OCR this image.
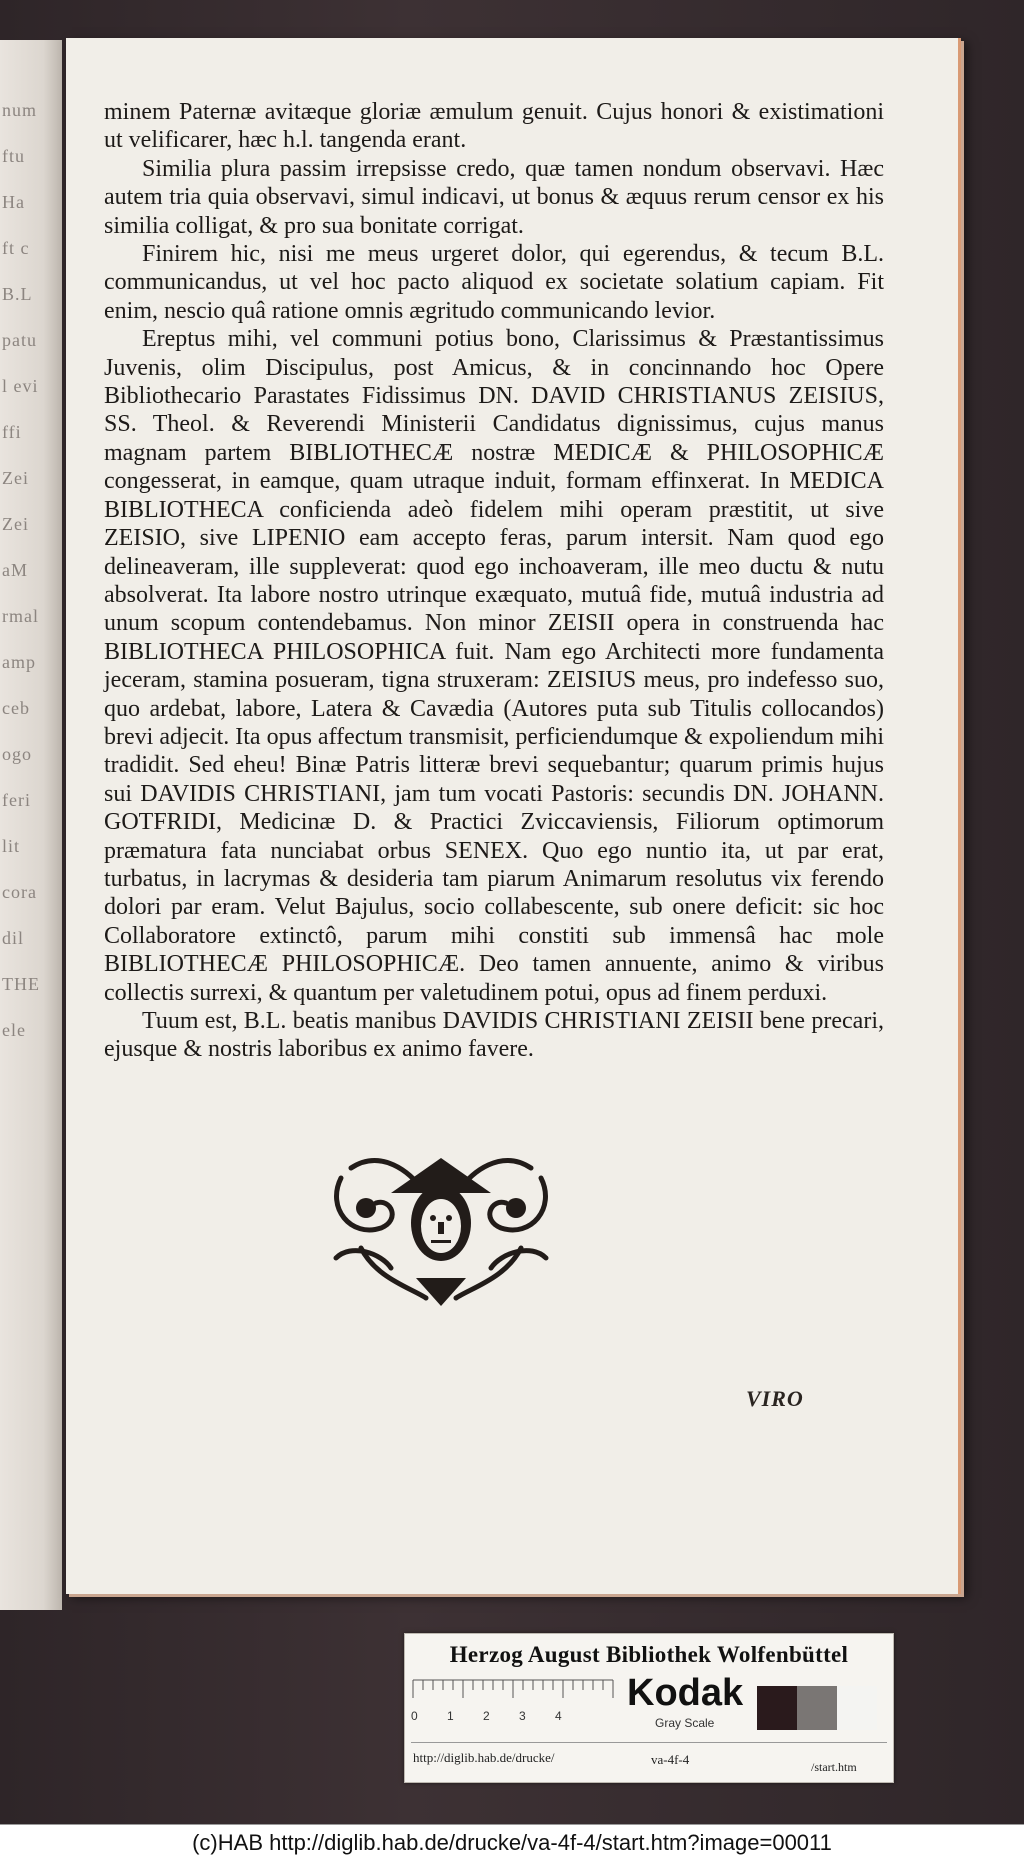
num
ftu
Ha
ft c
B.L
patu
l evi
ffi
Zei
Zei
aM
rmal
amp
ceb
ogo
feri
lit
cora
dil
THE
ele

minem Paternæ avitæque gloriæ æmulum genuit. Cujus honori & existimationi ut velificarer, hæc h.l. tangenda erant.

Similia plura passim irrepsisse credo, quæ tamen nondum observavi. Hæc autem tria quia observavi, simul indicavi, ut bonus & æquus rerum censor ex his similia colligat, & pro sua bonitate corrigat.

Finirem hic, nisi me meus urgeret dolor, qui egerendus, & tecum B.L. communicandus, ut vel hoc pacto aliquod ex societate solatium capiam. Fit enim, nescio quâ ratione omnis ægritudo communicando levior.

Ereptus mihi, vel communi potius bono, Clarissimus & Præstantissimus Juvenis, olim Discipulus, post Amicus, & in concinnando hoc Opere Bibliothecario Parastates Fidissimus DN. DAVID CHRISTIANUS ZEISIUS, SS. Theol. & Reverendi Ministerii Candidatus dignissimus, cujus manus magnam partem BIBLIOTHECÆ nostræ MEDICÆ & PHILOSOPHICÆ congesserat, in eamque, quam utraque induit, formam effinxerat. In MEDICA BIBLIOTHECA conficienda adeò fidelem mihi operam præstitit, ut sive ZEISIO, sive LIPENIO eam accepto feras, parum intersit. Nam quod ego delineaveram, ille suppleverat: quod ego inchoaveram, ille meo ductu & nutu absolverat. Ita labore nostro utrinque exæquato, mutuâ fide, mutuâ industria ad unum scopum contendebamus. Non minor ZEISII opera in construenda hac BIBLIOTHECA PHILOSOPHICA fuit. Nam ego Architecti more fundamenta jeceram, stamina posueram, tigna struxeram: ZEISIUS meus, pro indefesso suo, quo ardebat, labore, Latera & Cavædia (Autores puta sub Titulis collocandos) brevi adjecit. Ita opus affectum transmisit, perficiendumque & expoliendum mihi tradidit. Sed eheu! Binæ Patris litteræ brevi sequebantur; quarum primis hujus sui DAVIDIS CHRISTIANI, jam tum vocati Pastoris: secundis DN. JOHANN. GOTFRIDI, Medicinæ D. & Practici Zviccaviensis, Filiorum optimorum præmatura fata nunciabat orbus SENEX. Quo ego nuntio ita, ut par erat, turbatus, in lacrymas & desideria tam piarum Animarum resolutus vix ferendo dolori par eram. Velut Bajulus, socio collabescente, sub onere deficit: sic hoc Collaboratore extinctô, parum mihi constiti sub immensâ hac mole BIBLIOTHECÆ PHILOSOPHICÆ. Deo tamen annuente, animo & viribus collectis surrexi, & quantum per valetudinem potui, opus ad finem perduxi.

Tuum est, B.L. beatis manibus DAVIDIS CHRISTIANI ZEISII bene precari, ejusque & nostris laboribus ex animo favere.

VIRO
Herzog August Bibliothek Wolfenbüttel
0 1 2 3 4
Kodak
Gray Scale
http://diglib.hab.de/drucke/	va-4f-4	/start.htm
(c)HAB http://diglib.hab.de/drucke/va-4f-4/start.htm?image=00011
